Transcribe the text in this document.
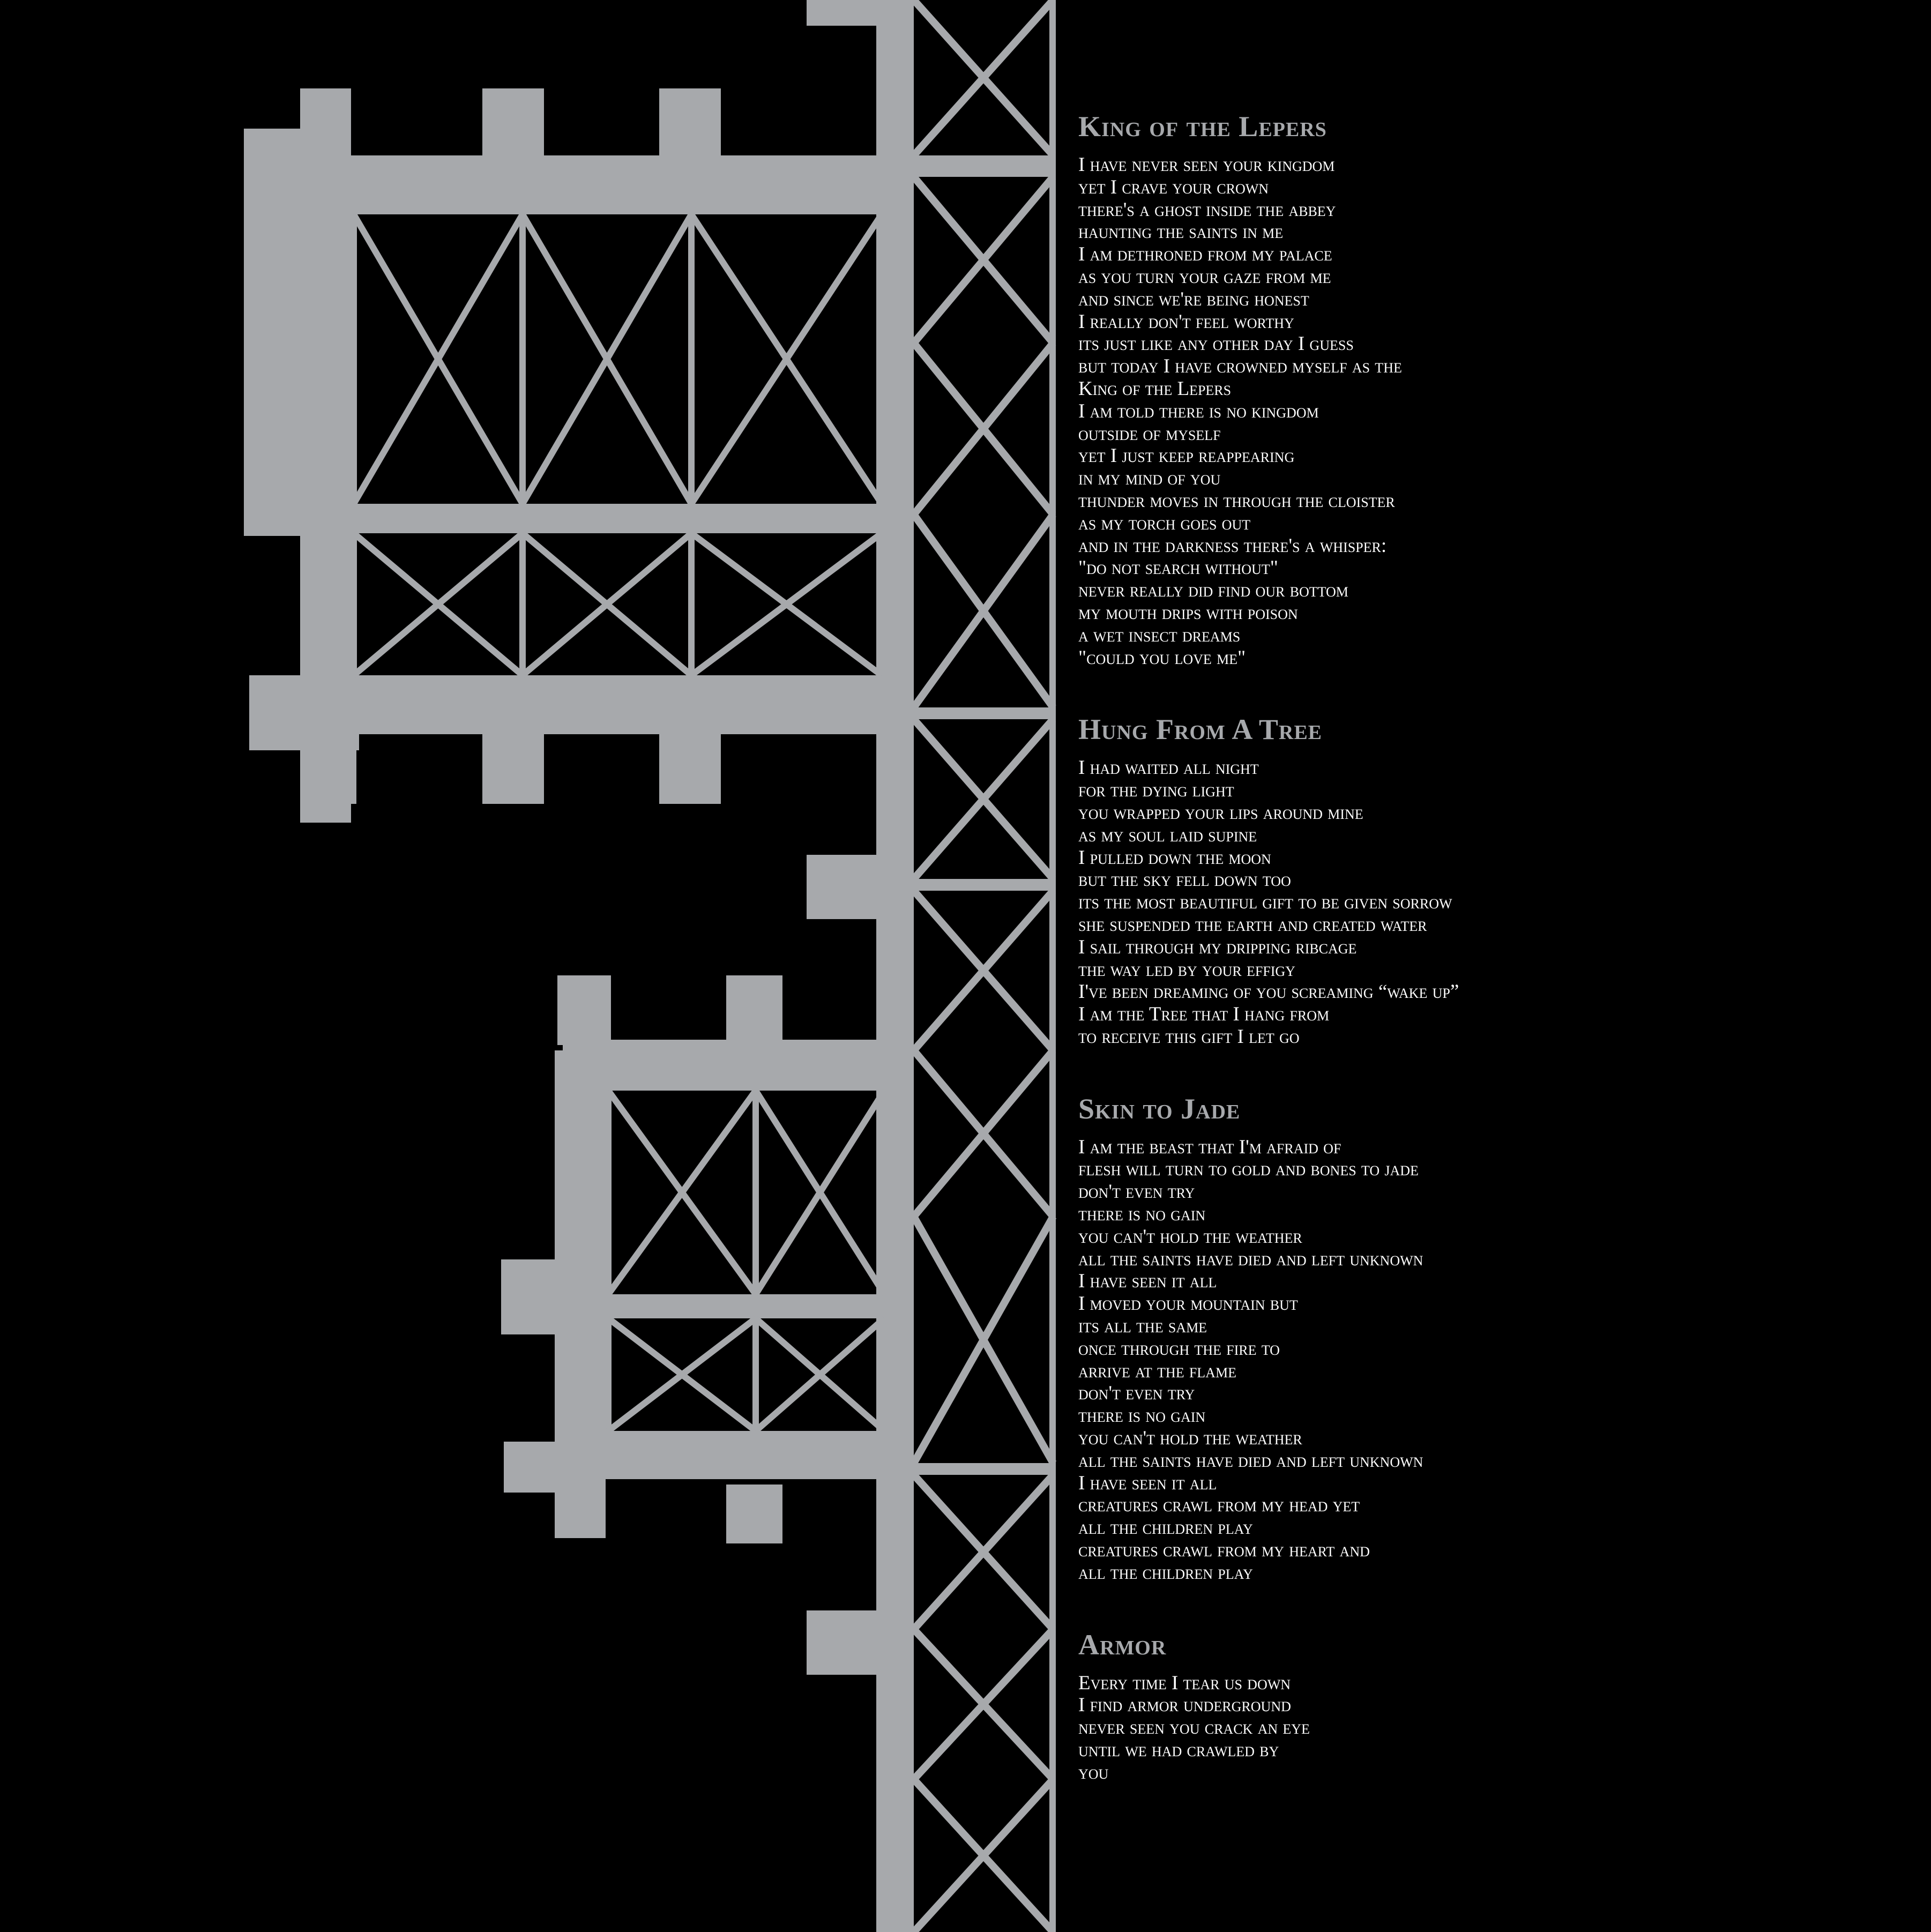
King of the Lepers
I have never seen your kingdom
yet I crave your crown
there's a ghost inside the abbey
haunting the saints in me
I am dethroned from my palace
as you turn your gaze from me
and since we're being honest
I really don't feel worthy
its just like any other day I guess
but today I have crowned myself as the
King of the Lepers
I am told there is no kingdom
outside of myself
yet I just keep reappearing
in my mind of you
thunder moves in through the cloister
as my torch goes out
and in the darkness there's a whisper:
"do not search without"
never really did find our bottom
my mouth drips with poison
a wet insect dreams
"could you love me"
Hung From A Tree
I had waited all night
for the dying light
you wrapped your lips around mine
as my soul laid supine
I pulled down the moon
but the sky fell down too
its the most beautiful gift to be given sorrow
she suspended the earth and created water
I sail through my dripping ribcage
the way led by your effigy
I've been dreaming of you screaming “wake up”
I am the Tree that I hang from
to receive this gift I let go
Skin to Jade
I am the beast that I'm afraid of
flesh will turn to gold and bones to jade
don't even try
there is no gain
you can't hold the weather
all the saints have died and left unknown
I have seen it all
I moved your mountain but
its all the same
once through the fire to
arrive at the flame
don't even try
there is no gain
you can't hold the weather
all the saints have died and left unknown
I have seen it all
creatures crawl from my head yet
all the children play
creatures crawl from my heart and
all the children play
Armor
Every time I tear us down
I find armor underground
never seen you crack an eye
until we had crawled by
you
